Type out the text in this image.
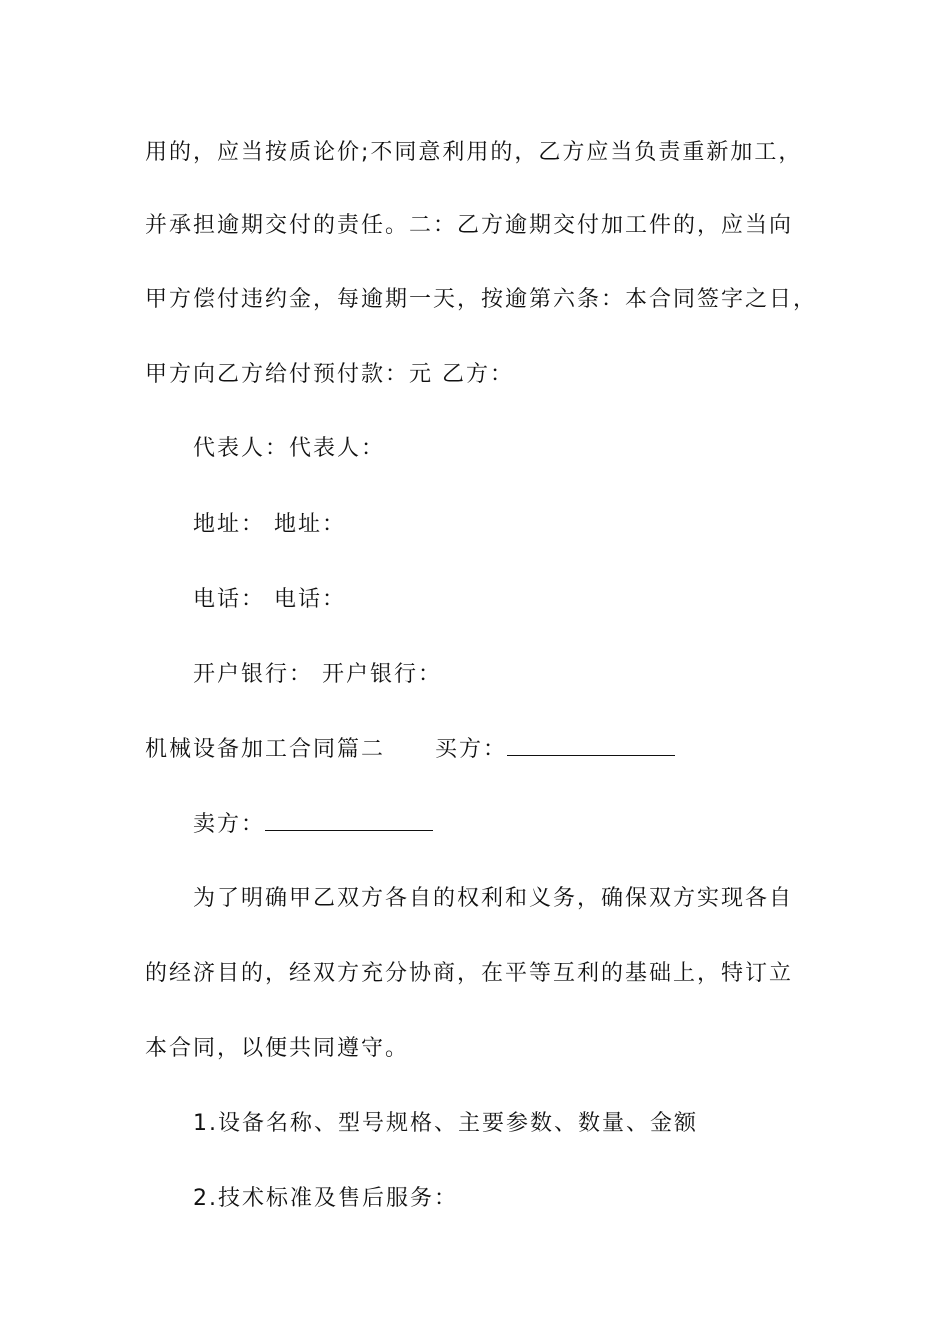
用的，应当按质论价;不同意利用的，乙方应当负责重新加工，
并承担逾期交付的责任。二：乙方逾期交付加工件的，应当向
甲方偿付违约金，每逾期一天，按逾第六条：本合同签字之日，
甲方向乙方给付预付款：元 乙方：
代表人：代表人：
地址： 地址：
电话： 电话：
开户银行： 开户银行：
机械设备加工合同篇二 买方：
卖方：
为了明确甲乙双方各自的权利和义务，确保双方实现各自
的经济目的，经双方充分协商，在平等互利的基础上，特订立
本合同，以便共同遵守。
1.设备名称、型号规格、主要参数、数量、金额
2.技术标准及售后服务：
